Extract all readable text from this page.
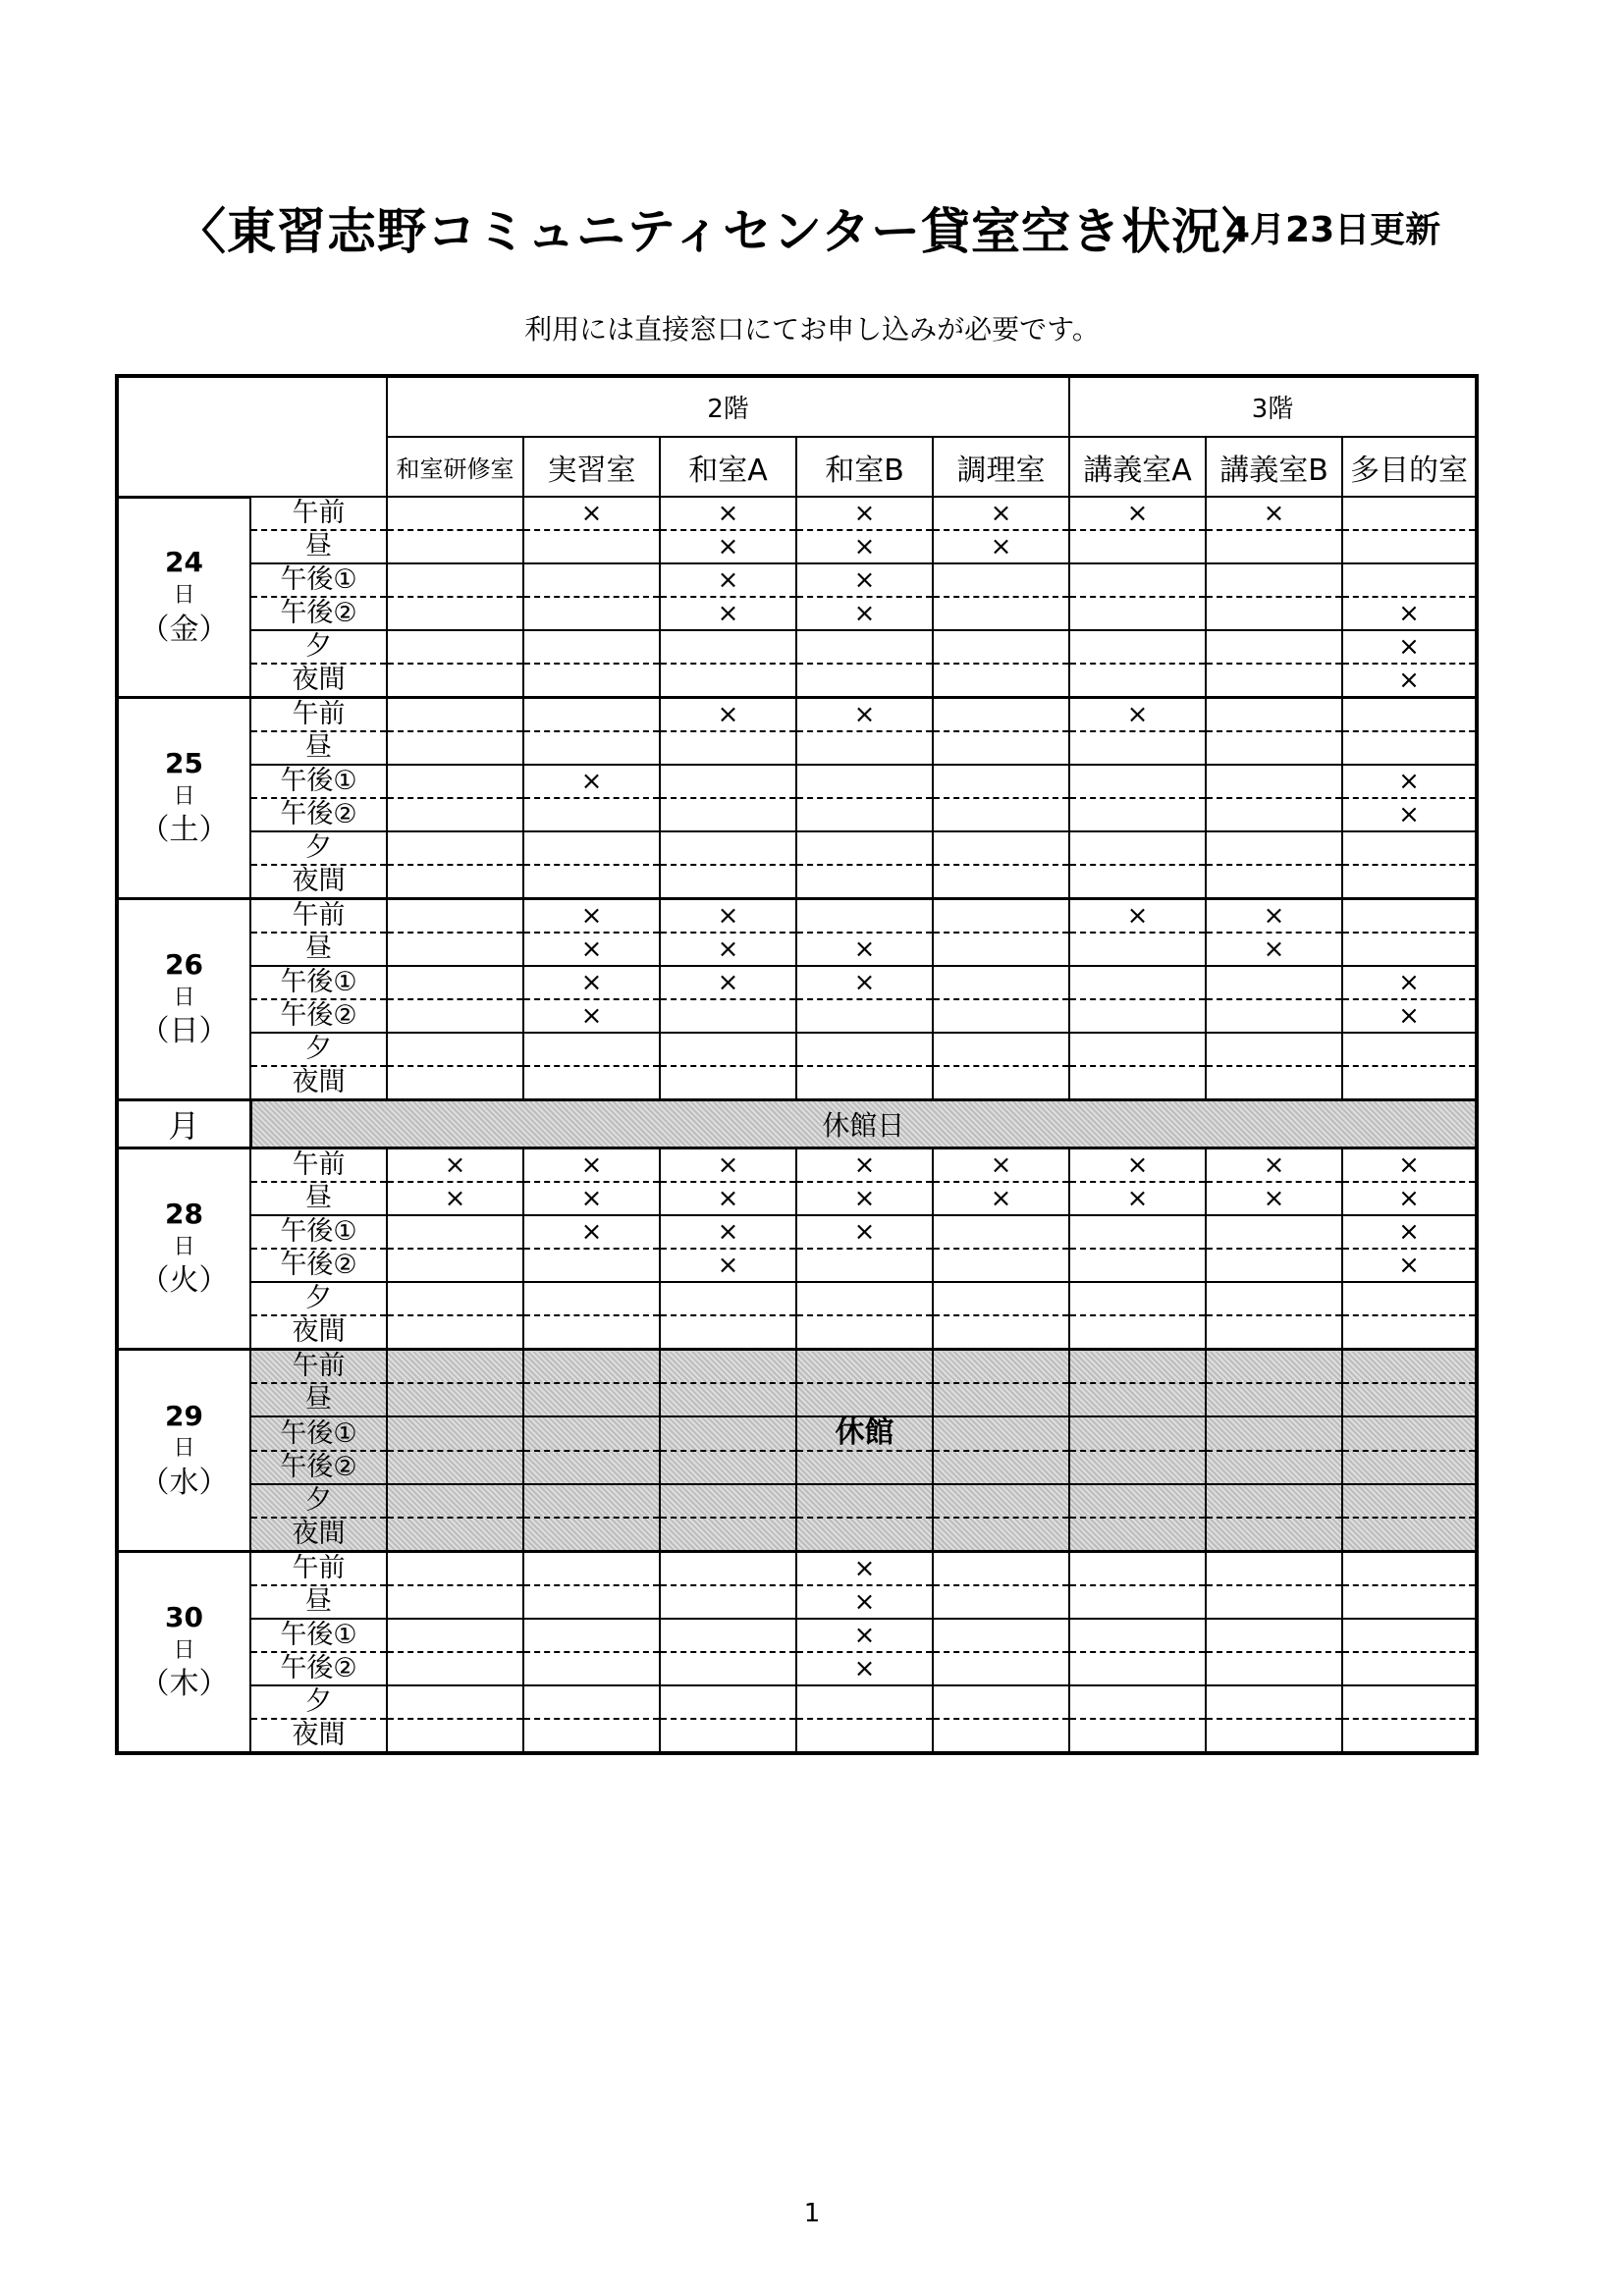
〈東習志野コミュニティセンター貸室空き状況〉
4月23日更新
利用には直接窓口にてお申し込みが必要です。
		2階					3階		
		和室研修室	実習室	和室A	和室B	調理室	講義室A	講義室B	多目的室

24
日
（金）	午前		×	×	×	×	×	×	
	昼			×	×	×			
	午後①			×	×				
	午後②			×	×				×
	夕								×
	夜間								×

25
日
（土）	午前			×	×		×		
	昼								
	午後①		×						×
	午後②								×
	夕								
	夜間								

26
日
（日）	午前		×	×			×	×	
	昼		×	×	×			×	
	午後①		×	×	×				×
	午後②		×						×
	夕								
	夜間								
月	休館日								

28
日
（火）	午前	×	×	×	×	×	×	×	×
	昼	×	×	×	×	×	×	×	×
	午後①		×	×	×				×
	午後②			×					×
	夕								
	夜間								

29
日
（水）	午前								
	昼								
	午後①				休館				
	午後②								
	夕								
	夜間								

30
日
（木）	午前				×				
	昼				×				
	午後①				×				
	午後②				×				
	夕								
	夜間								
1
